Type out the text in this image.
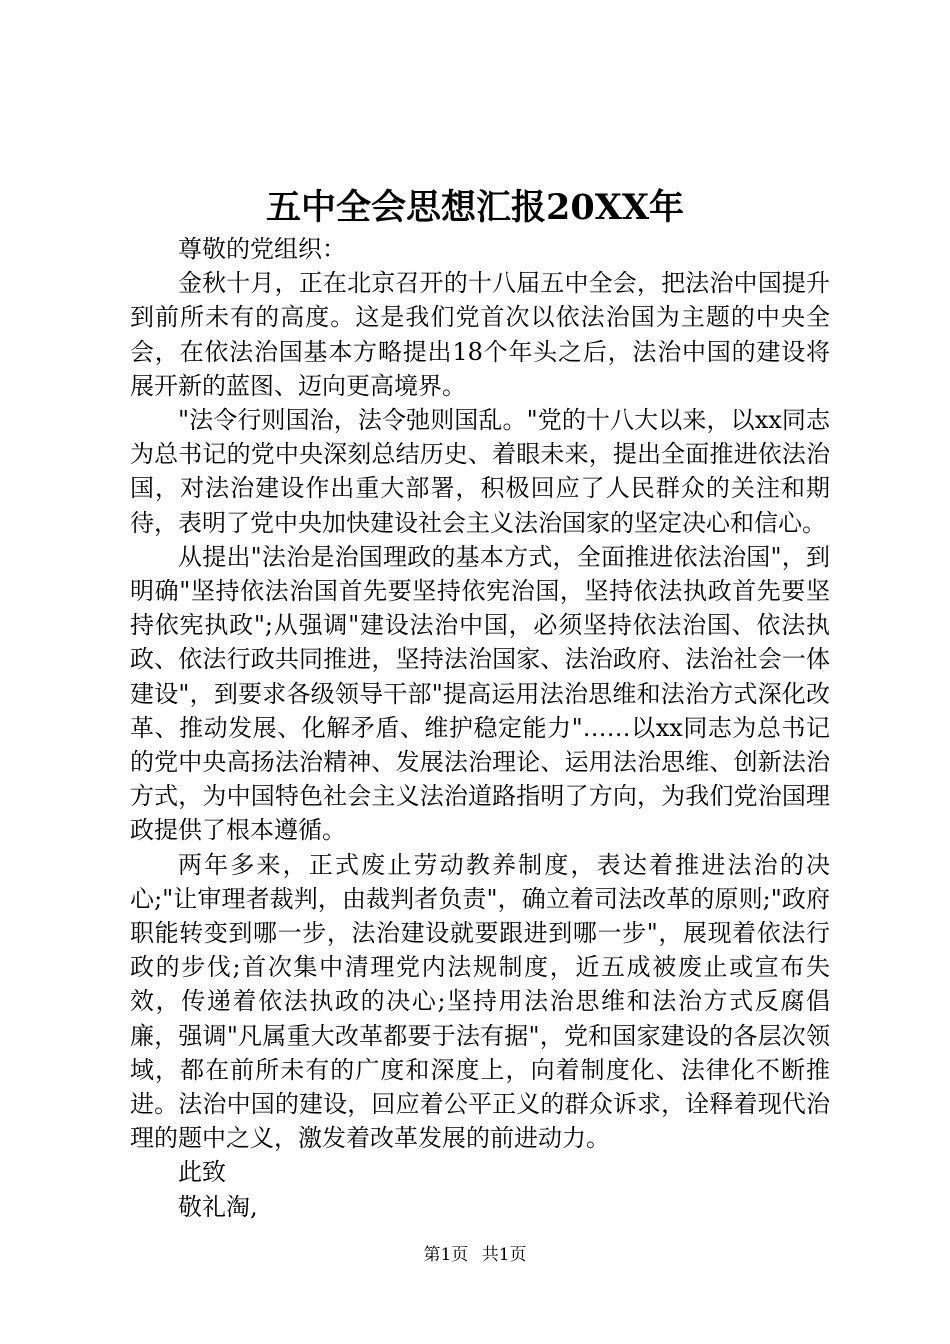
五中全会思想汇报20XX年

尊敬的党组织：

金秋十月，正在北京召开的十八届五中全会，把法治中国提升到前所未有的高度。这是我们党首次以依法治国为主题的中央全会，在依法治国基本方略提出18个年头之后，法治中国的建设将展开新的蓝图、迈向更高境界。

"法令行则国治，法令弛则国乱。"党的十八大以来，以xx同志为总书记的党中央深刻总结历史、着眼未来，提出全面推进依法治国，对法治建设作出重大部署，积极回应了人民群众的关注和期待，表明了党中央加快建设社会主义法治国家的坚定决心和信心。

从提出"法治是治国理政的基本方式，全面推进依法治国"，到明确"坚持依法治国首先要坚持依宪治国，坚持依法执政首先要坚持依宪执政";从强调"建设法治中国，必须坚持依法治国、依法执政、依法行政共同推进，坚持法治国家、法治政府、法治社会一体建设"，到要求各级领导干部"提高运用法治思维和法治方式深化改革、推动发展、化解矛盾、维护稳定能力"……以xx同志为总书记的党中央高扬法治精神、发展法治理论、运用法治思维、创新法治方式，为中国特色社会主义法治道路指明了方向，为我们党治国理政提供了根本遵循。

两年多来，正式废止劳动教养制度，表达着推进法治的决心;"让审理者裁判，由裁判者负责"，确立着司法改革的原则;"政府职能转变到哪一步，法治建设就要跟进到哪一步"，展现着依法行政的步伐;首次集中清理党内法规制度，近五成被废止或宣布失效，传递着依法执政的决心;坚持用法治思维和法治方式反腐倡廉，强调"凡属重大改革都要于法有据"，党和国家建设的各层次领域，都在前所未有的广度和深度上，向着制度化、法律化不断推进。法治中国的建设，回应着公平正义的群众诉求，诠释着现代治理的题中之义，激发着改革发展的前进动力。

此致

敬礼淘,

第1页 共1页
